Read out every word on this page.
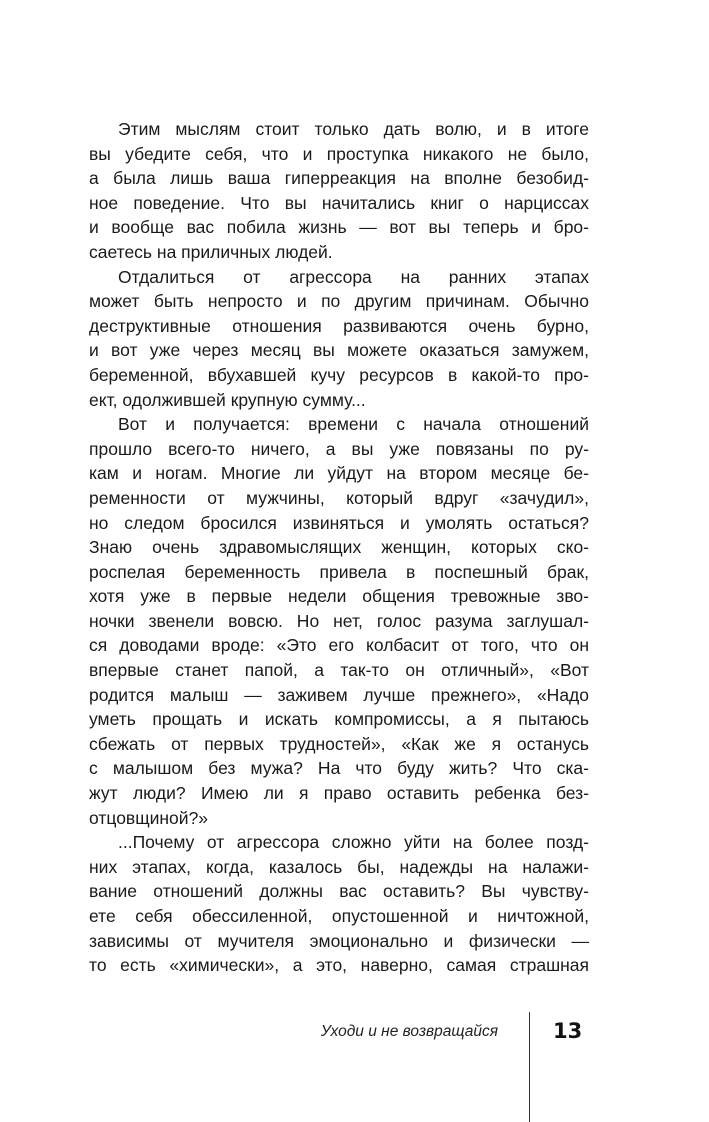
Этим мыслям стоит только дать волю, и в итоге
вы убедите себя, что и проступка никакого не было,
а была лишь ваша гиперреакция на вполне безобид-
ное поведение. Что вы начитались книг о нарциссах
и вообще вас побила жизнь — вот вы теперь и бро-
саетесь на приличных людей.
Отдалиться от агрессора на ранних этапах
может быть непросто и по другим причинам. Обычно
деструктивные отношения развиваются очень бурно,
и вот уже через месяц вы можете оказаться замужем,
беременной, вбухавшей кучу ресурсов в какой-то про-
ект, одолжившей крупную сумму...
Вот и получается: времени с начала отношений
прошло всего-то ничего, а вы уже повязаны по ру-
кам и ногам. Многие ли уйдут на втором месяце бе-
ременности от мужчины, который вдруг «зачудил»,
но следом бросился извиняться и умолять остаться?
Знаю очень здравомыслящих женщин, которых ско-
роспелая беременность привела в поспешный брак,
хотя уже в первые недели общения тревожные зво-
ночки звенели вовсю. Но нет, голос разума заглушал-
ся доводами вроде: «Это его колбасит от того, что он
впервые станет папой, а так-то он отличный», «Вот
родится малыш — заживем лучше прежнего», «Надо
уметь прощать и искать компромиссы, а я пытаюсь
сбежать от первых трудностей», «Как же я останусь
с малышом без мужа? На что буду жить? Что ска-
жут люди? Имею ли я право оставить ребенка без-
отцовщиной?»
...Почему от агрессора сложно уйти на более позд-
них этапах, когда, казалось бы, надежды на налажи-
вание отношений должны вас оставить? Вы чувству-
ете себя обессиленной, опустошенной и ничтожной,
зависимы от мучителя эмоционально и физически —
то есть «химически», а это, наверно, самая страшная
Уходи и не возвращайся	13
